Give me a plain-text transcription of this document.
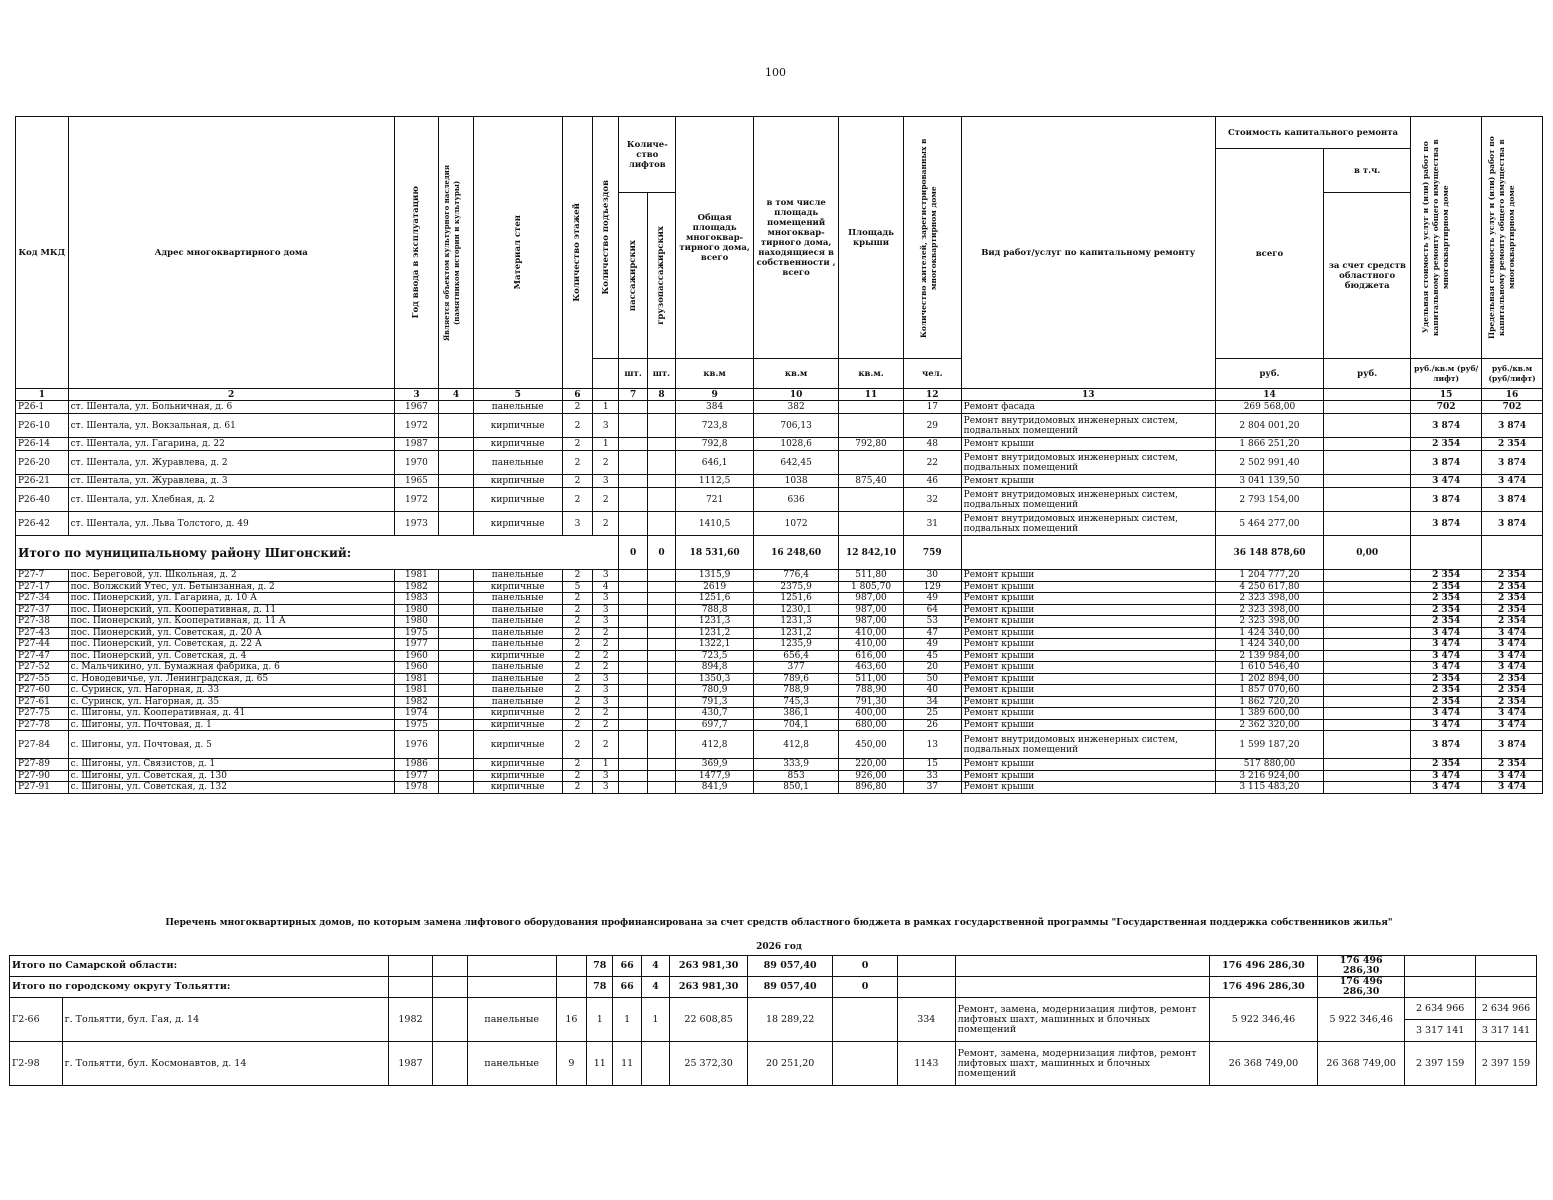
100
Код МКД	Адрес многоквартирного дома	Год ввода в эксплуатацию	Является объектом культурного наследия (памятником истории и культуры)	Материал стен	Количество этажей	Количество подъездов	Количе-ство лифтов		Общая площадь многоквар-тирного дома, всего	в том числе площадь помещений многоквар-тирного дома, находящиеся в собственности , всего	Площадь крыши	Количество жителей, зарегистрированных в многоквартирном доме	Вид работ/услуг по капитальному ремонту	Стоимость капитального ремонта		Удельная стоимость услуг и (или) работ по капитальному ремонту общего имущества в многоквартирном доме	Предельная стоимость услуг и (или) работ по капитальному ремонту общего имущества в многоквартирном доме

														всего	в т.ч.		

							пассажирских	грузопассажирских							за счет средств областного бюджета		
							шт.	шт.	кв.м	кв.м	кв.м.	чел.		руб.	руб.	руб./кв.м (руб/лифт)	руб./кв.м (руб/лифт)
1	2	3	4	5	6		7	8	9	10	11	12	13	14		15	16
Р26-1	ст. Шентала, ул. Больничная, д. 6	1967		панельные	2	1			384	382		17	Ремонт фасада	269 568,00		702	702
Р26-10	ст. Шентала, ул. Вокзальная, д. 61	1972		кирпичные	2	3			723,8	706,13		29	Ремонт внутридомовых инженерных систем, подвальных помещений	2 804 001,20		3 874	3 874
Р26-14	ст. Шентала, ул. Гагарина, д. 22	1987		кирпичные	2	1			792,8	1028,6	792,80	48	Ремонт крыши	1 866 251,20		2 354	2 354
Р26-20	ст. Шентала, ул. Журавлева, д. 2	1970		панельные	2	2			646,1	642,45		22	Ремонт внутридомовых инженерных систем, подвальных помещений	2 502 991,40		3 874	3 874
Р26-21	ст. Шентала, ул. Журавлева, д. 3	1965		кирпичные	2	3			1112,5	1038	875,40	46	Ремонт крыши	3 041 139,50		3 474	3 474
Р26-40	ст. Шентала, ул. Хлебная, д. 2	1972		кирпичные	2	2			721	636		32	Ремонт внутридомовых инженерных систем, подвальных помещений	2 793 154,00		3 874	3 874
Р26-42	ст. Шентала, ул. Льва Толстого, д. 49	1973		кирпичные	3	2			1410,5	1072		31	Ремонт внутридомовых инженерных систем, подвальных помещений	5 464 277,00		3 874	3 874
Итого по муниципальному району Шигонский:							0	0	18 531,60	16 248,60	12 842,10	759		36 148 878,60	0,00		
Р27-7	пос. Береговой, ул. Школьная, д. 2	1981		панельные	2	3			1315,9	776,4	511,80	30	Ремонт крыши	1 204 777,20		2 354	2 354
Р27-17	пос. Волжский Утес, ул. Бетынзанная, д. 2	1982		кирпичные	5	4			2619	2375,9	1 805,70	129	Ремонт крыши	4 250 617,80		2 354	2 354
Р27-34	пос. Пионерский, ул. Гагарина, д. 10 А	1983		панельные	2	3			1251,6	1251,6	987,00	49	Ремонт крыши	2 323 398,00		2 354	2 354
Р27-37	пос. Пионерский, ул. Кооперативная, д. 11	1980		панельные	2	3			788,8	1230,1	987,00	64	Ремонт крыши	2 323 398,00		2 354	2 354
Р27-38	пос. Пионерский, ул. Кооперативная, д. 11 А	1980		панельные	2	3			1231,3	1231,3	987,00	53	Ремонт крыши	2 323 398,00		2 354	2 354
Р27-43	пос. Пионерский, ул. Советская, д. 20 А	1975		панельные	2	2			1231,2	1231,2	410,00	47	Ремонт крыши	1 424 340,00		3 474	3 474
Р27-44	пос. Пионерский, ул. Советская, д. 22 А	1977		панельные	2	2			1322,1	1235,9	410,00	49	Ремонт крыши	1 424 340,00		3 474	3 474
Р27-47	пос. Пионерский, ул. Советская, д. 4	1960		кирпичные	2	2			723,5	656,4	616,00	45	Ремонт крыши	2 139 984,00		3 474	3 474
Р27-52	с. Мальчикино, ул. Бумажная фабрика, д. 6	1960		панельные	2	2			894,8	377	463,60	20	Ремонт крыши	1 610 546,40		3 474	3 474
Р27-55	с. Новодевичье, ул. Ленинградская, д. 65	1981		панельные	2	3			1350,3	789,6	511,00	50	Ремонт крыши	1 202 894,00		2 354	2 354
Р27-60	с. Суринск, ул. Нагорная, д. 33	1981		панельные	2	3			780,9	788,9	788,90	40	Ремонт крыши	1 857 070,60		2 354	2 354
Р27-61	с. Суринск, ул. Нагорная, д. 35	1982		панельные	2	3			791,3	745,3	791,30	34	Ремонт крыши	1 862 720,20		2 354	2 354
Р27-75	с. Шигоны, ул. Кооперативная, д. 41	1974		кирпичные	2	2			430,7	386,1	400,00	25	Ремонт крыши	1 389 600,00		3 474	3 474
Р27-78	с. Шигоны, ул. Почтовая, д. 1	1975		кирпичные	2	2			697,7	704,1	680,00	26	Ремонт крыши	2 362 320,00		3 474	3 474
Р27-84	с. Шигоны, ул. Почтовая, д. 5	1976		кирпичные	2	2			412,8	412,8	450,00	13	Ремонт внутридомовых инженерных систем, подвальных помещений	1 599 187,20		3 874	3 874
Р27-89	с. Шигоны, ул. Связистов, д. 1	1986		кирпичные	2	1			369,9	333,9	220,00	15	Ремонт крыши	517 880,00		2 354	2 354
Р27-90	с. Шигоны, ул. Советская, д. 130	1977		кирпичные	2	3			1477,9	853	926,00	33	Ремонт крыши	3 216 924,00		3 474	3 474
Р27-91	с. Шигоны, ул. Советская, д. 132	1978		кирпичные	2	3			841,9	850,1	896,80	37	Ремонт крыши	3 115 483,20		3 474	3 474
Перечень многоквартирных домов, по которым замена лифтового оборудования профинансирована за счет средств областного бюджета в рамках государственной программы "Государственная поддержка собственников жилья"
2026 год
Итого по Самарской области:						78	66	4	263 981,30	89 057,40	0			176 496 286,30	176 496 286,30		
Итого по городскому округу Тольятти:						78	66	4	263 981,30	89 057,40	0			176 496 286,30	176 496 286,30		
Г2-66	г. Тольятти, бул. Гая, д. 14	1982		панельные	16	1	1	1	22 608,85	18 289,22		334	Ремонт, замена, модернизация лифтов, ремонт лифтовых шахт, машинных и блочных помещений	5 922 346,46	5 922 346,46	2 634 966	2 634 966
																3 317 141	3 317 141
Г2-98	г. Тольятти, бул. Космонавтов, д. 14	1987		панельные	9	11	11		25 372,30	20 251,20		1143	Ремонт, замена, модернизация лифтов, ремонт лифтовых шахт, машинных и блочных помещений	26 368 749,00	26 368 749,00	2 397 159	2 397 159
